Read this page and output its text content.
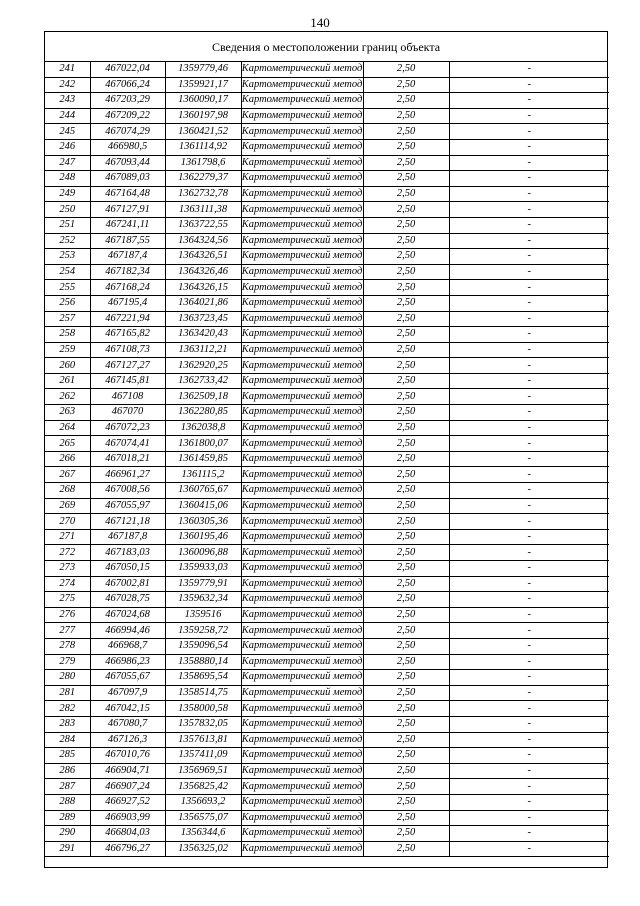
140
Сведения о местоположении границ объекта
241	467022,04	1359779,46	Картометрический метод	2,50	-
242	467066,24	1359921,17	Картометрический метод	2,50	-
243	467203,29	1360090,17	Картометрический метод	2,50	-
244	467209,22	1360197,98	Картометрический метод	2,50	-
245	467074,29	1360421,52	Картометрический метод	2,50	-
246	466980,5	1361114,92	Картометрический метод	2,50	-
247	467093,44	1361798,6	Картометрический метод	2,50	-
248	467089,03	1362279,37	Картометрический метод	2,50	-
249	467164,48	1362732,78	Картометрический метод	2,50	-
250	467127,91	1363111,38	Картометрический метод	2,50	-
251	467241,11	1363722,55	Картометрический метод	2,50	-
252	467187,55	1364324,56	Картометрический метод	2,50	-
253	467187,4	1364326,51	Картометрический метод	2,50	-
254	467182,34	1364326,46	Картометрический метод	2,50	-
255	467168,24	1364326,15	Картометрический метод	2,50	-
256	467195,4	1364021,86	Картометрический метод	2,50	-
257	467221,94	1363723,45	Картометрический метод	2,50	-
258	467165,82	1363420,43	Картометрический метод	2,50	-
259	467108,73	1363112,21	Картометрический метод	2,50	-
260	467127,27	1362920,25	Картометрический метод	2,50	-
261	467145,81	1362733,42	Картометрический метод	2,50	-
262	467108	1362509,18	Картометрический метод	2,50	-
263	467070	1362280,85	Картометрический метод	2,50	-
264	467072,23	1362038,8	Картометрический метод	2,50	-
265	467074,41	1361800,07	Картометрический метод	2,50	-
266	467018,21	1361459,85	Картометрический метод	2,50	-
267	466961,27	1361115,2	Картометрический метод	2,50	-
268	467008,56	1360765,67	Картометрический метод	2,50	-
269	467055,97	1360415,06	Картометрический метод	2,50	-
270	467121,18	1360305,36	Картометрический метод	2,50	-
271	467187,8	1360195,46	Картометрический метод	2,50	-
272	467183,03	1360096,88	Картометрический метод	2,50	-
273	467050,15	1359933,03	Картометрический метод	2,50	-
274	467002,81	1359779,91	Картометрический метод	2,50	-
275	467028,75	1359632,34	Картометрический метод	2,50	-
276	467024,68	1359516	Картометрический метод	2,50	-
277	466994,46	1359258,72	Картометрический метод	2,50	-
278	466968,7	1359096,54	Картометрический метод	2,50	-
279	466986,23	1358880,14	Картометрический метод	2,50	-
280	467055,67	1358695,54	Картометрический метод	2,50	-
281	467097,9	1358514,75	Картометрический метод	2,50	-
282	467042,15	1358000,58	Картометрический метод	2,50	-
283	467080,7	1357832,05	Картометрический метод	2,50	-
284	467126,3	1357613,81	Картометрический метод	2,50	-
285	467010,76	1357411,09	Картометрический метод	2,50	-
286	466904,71	1356969,51	Картометрический метод	2,50	-
287	466907,24	1356825,42	Картометрический метод	2,50	-
288	466927,52	1356693,2	Картометрический метод	2,50	-
289	466903,99	1356575,07	Картометрический метод	2,50	-
290	466804,03	1356344,6	Картометрический метод	2,50	-
291	466796,27	1356325,02	Картометрический метод	2,50	-
